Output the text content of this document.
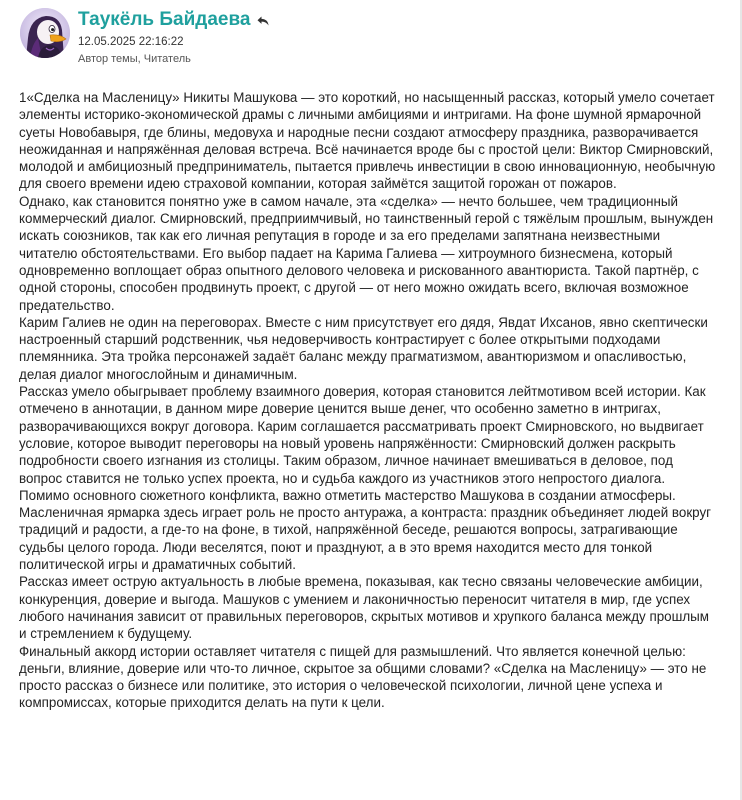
Таукёль Байдаева
12.05.2025 22:16:22
Автор темы, Читатель

1«Сделка на Масленицу» Никиты Машукова — это короткий, но насыщенный рассказ, который умело сочетает элементы историко-экономической драмы с личными амбициями и интригами. На фоне шумной ярмарочной суеты Новобавыря, где блины, медовуха и народные песни создают атмосферу праздника, разворачивается неожиданная и напряжённая деловая встреча. Всё начинается вроде бы с простой цели: Виктор Смирновский, молодой и амбициозный предприниматель, пытается привлечь инвестиции в свою инновационную, необычную для своего времени идею страховой компании, которая займётся защитой горожан от пожаров.

Однако, как становится понятно уже в самом начале, эта «сделка» — нечто большее, чем традиционный коммерческий диалог. Смирновский, предприимчивый, но таинственный герой с тяжёлым прошлым, вынужден искать союзников, так как его личная репутация в городе и за его пределами запятнана неизвестными читателю обстоятельствами. Его выбор падает на Карима Галиева — хитроумного бизнесмена, который одновременно воплощает образ опытного делового человека и рискованного авантюриста. Такой партнёр, с одной стороны, способен продвинуть проект, с другой — от него можно ожидать всего, включая возможное предательство.

Карим Галиев не один на переговорах. Вместе с ним присутствует его дядя, Явдат Ихсанов, явно скептически настроенный старший родственник, чья недоверчивость контрастирует с более открытыми подходами племянника. Эта тройка персонажей задаёт баланс между прагматизмом, авантюризмом и опасливостью, делая диалог многослойным и динамичным.

Рассказ умело обыгрывает проблему взаимного доверия, которая становится лейтмотивом всей истории. Как отмечено в аннотации, в данном мире доверие ценится выше денег, что особенно заметно в интригах, разворачивающихся вокруг договора. Карим соглашается рассматривать проект Смирновского, но выдвигает условие, которое выводит переговоры на новый уровень напряжённости: Смирновский должен раскрыть подробности своего изгнания из столицы. Таким образом, личное начинает вмешиваться в деловое, под вопрос ставится не только успех проекта, но и судьба каждого из участников этого непростого диалога.

Помимо основного сюжетного конфликта, важно отметить мастерство Машукова в создании атмосферы. Масленичная ярмарка здесь играет роль не просто антуража, а контраста: праздник объединяет людей вокруг традиций и радости, а где-то на фоне, в тихой, напряжённой беседе, решаются вопросы, затрагивающие судьбы целого города. Люди веселятся, поют и празднуют, а в это время находится место для тонкой политической игры и драматичных событий.

Рассказ имеет острую актуальность в любые времена, показывая, как тесно связаны человеческие амбиции, конкуренция, доверие и выгода. Машуков с умением и лаконичностью переносит читателя в мир, где успех любого начинания зависит от правильных переговоров, скрытых мотивов и хрупкого баланса между прошлым и стремлением к будущему.

Финальный аккорд истории оставляет читателя с пищей для размышлений. Что является конечной целью: деньги, влияние, доверие или что-то личное, скрытое за общими словами? «Сделка на Масленицу» — это не просто рассказ о бизнесе или политике, это история о человеческой психологии, личной цене успеха и компромиссах, которые приходится делать на пути к цели.
